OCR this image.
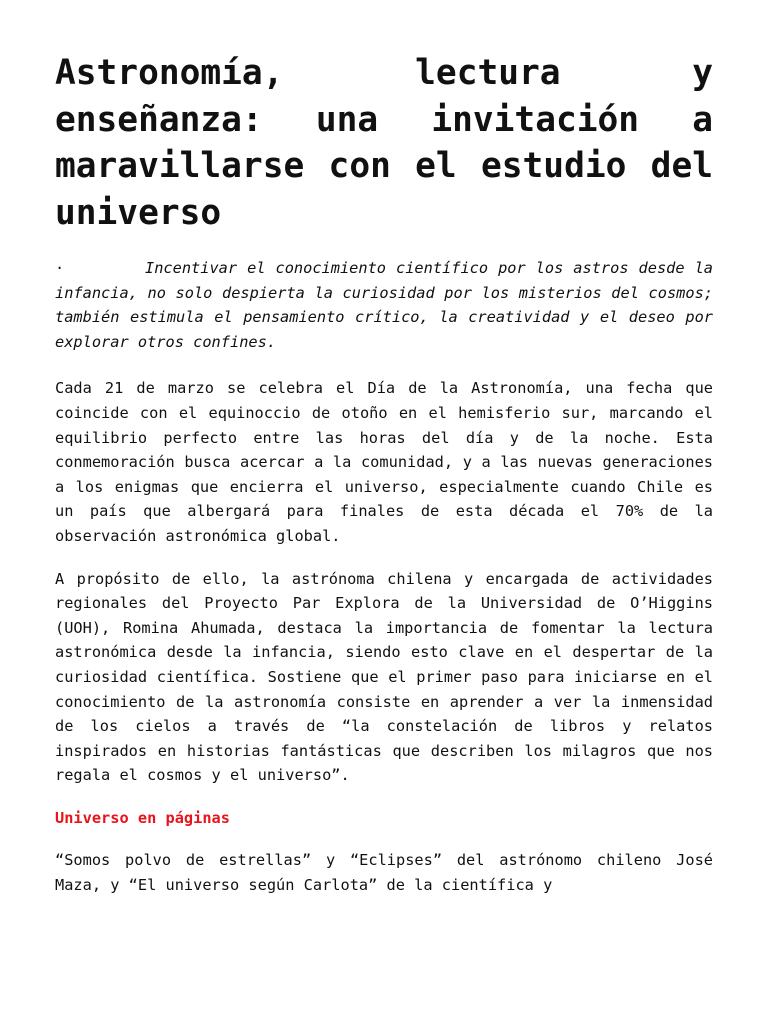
Astronomía, lectura y enseñanza: una invitación a maravillarse con el estudio del universo

·	Incentivar el conocimiento científico por los astros desde la infancia, no solo despierta la curiosidad por los misterios del cosmos; también estimula el pensamiento crítico, la creatividad y el deseo por explorar otros confines.

Cada 21 de marzo se celebra el Día de la Astronomía, una fecha que coincide con el equinoccio de otoño en el hemisferio sur, marcando el equilibrio perfecto entre las horas del día y de la noche. Esta conmemoración busca acercar a la comunidad, y a las nuevas generaciones a los enigmas que encierra el universo, especialmente cuando Chile es un país que albergará para finales de esta década el 70% de la observación astronómica global.

A propósito de ello, la astrónoma chilena y encargada de actividades regionales del Proyecto Par Explora de la Universidad de O’Higgins (UOH), Romina Ahumada, destaca la importancia de fomentar la lectura astronómica desde la infancia, siendo esto clave en el despertar de la curiosidad científica. Sostiene que el primer paso para iniciarse en el conocimiento de la astronomía consiste en aprender a ver la inmensidad de los cielos a través de “la constelación de libros y relatos inspirados en historias fantásticas que describen los milagros que nos regala el cosmos y el universo”.

Universo en páginas

“Somos polvo de estrellas” y “Eclipses” del astrónomo chileno José Maza, y “El universo según Carlota” de la científica y
